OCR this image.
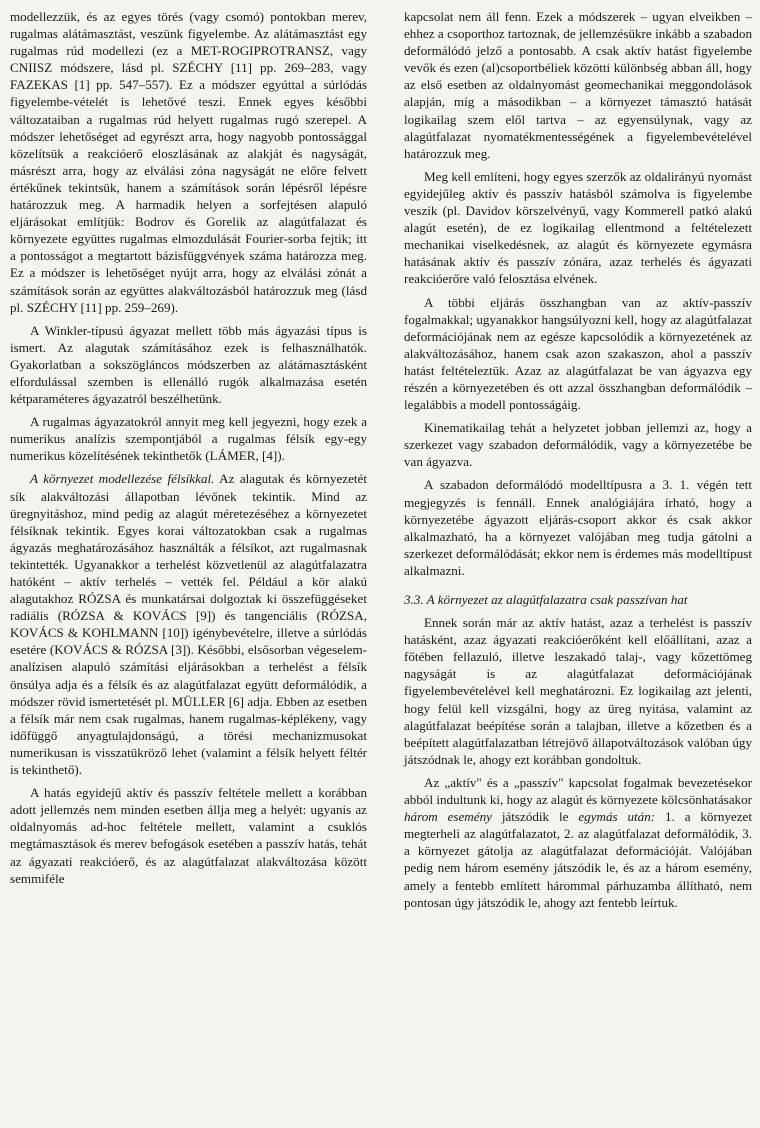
modellezzük, és az egyes törés (vagy csomó) pontokban merev, rugalmas alátámasztást, veszünk figyelembe. Az alátámasztást egy rugalmas rúd modellezi (ez a MET-ROGIPROTRANSZ, vagy CNIISZ módszere, lásd pl. SZÉCHY [11] pp. 269–283, vagy FAZEKAS [1] pp. 547–557). Ez a módszer egyúttal a súrlódás figyelembe-vételét is lehetővé teszi. Ennek egyes későbbi változataiban a rugalmas rúd helyett rugalmas rugó szerepel. A módszer lehetőséget ad egyrészt arra, hogy nagyobb pontossággal közelítsük a reakcióerő eloszlásának az alakját és nagyságát, másrészt arra, hogy az elválási zóna nagyságát ne előre felvett értékűnek tekintsük, hanem a számítások során lépésről lépésre határozzuk meg. A harmadik helyen a sorfejtésen alapuló eljárásokat említjük: Bodrov és Gorelik az alagútfalazat és környezete együttes rugalmas elmozdulását Fourier-sorba fejtik; itt a pontosságot a megtartott bázisfüggvények száma határozza meg. Ez a módszer is lehetőséget nyújt arra, hogy az elválási zónát a számítások során az együttes alakváltozásból határozzuk meg (lásd pl. SZÉCHY [11] pp. 259–269).

A Winkler-típusú ágyazat mellett több más ágyazási típus is ismert. Az alagutak számításához ezek is felhasználhatók. Gyakorlatban a sokszögláncos módszerben az alátámasztásként elfordulással szemben is ellenálló rugók alkalmazása esetén kétparaméteres ágyazatról beszélhetünk.

A rugalmas ágyazatokról annyit meg kell jegyezni, hogy ezek a numerikus analízis szempontjából a rugalmas félsík egy-egy numerikus közelítésének tekinthetők (LÁMER, [4]).

A környezet modellezése félsíkkal. Az alagutak és környezetét sík alakváltozási állapotban lévőnek tekintik. Mind az üregnyitáshoz, mind pedig az alagút méretezéséhez a környezetet félsíknak tekintik. Egyes korai változatokban csak a rugalmas ágyazás meghatározásához használták a félsíkot, azt rugalmasnak tekintették. Ugyanakkor a terhelést közvetlenül az alagútfalazatra hatóként – aktív terhelés – vették fel. Például a kör alakú alagutakhoz RÓZSA és munkatársai dolgoztak ki összefüggéseket radiális (RÓZSA & KOVÁCS [9]) és tangenciális (RÓZSA, KOVÁCS & KOHLMANN [10]) igénybevételre, illetve a súrlódás esetére (KOVÁCS & RÓZSA [3]). Későbbi, elsősorban végeselem-analízisen alapuló számítási eljárásokban a terhelést a félsík önsúlya adja és a félsík és az alagútfalazat együtt deformálódik, a módszer rövid ismertetését pl. MÜLLER [6] adja. Ebben az esetben a félsík már nem csak rugalmas, hanem rugalmas-képlékeny, vagy időfüggő anyagtulajdonságú, a törési mechanizmusokat numerikusan is visszatükröző lehet (valamint a félsík helyett féltér is tekinthető).

A hatás egyidejű aktív és passzív feltétele mellett a korábban adott jellemzés nem minden esetben állja meg a helyét: ugyanis az oldalnyomás ad-hoc feltétele mellett, valamint a csuklós megtámasztások és merev befogások esetében a passzív hatás, tehát az ágyazati reakcióerő, és az alagútfalazat alakváltozása között semmiféle

kapcsolat nem áll fenn. Ezek a módszerek – ugyan elveikben – ehhez a csoporthoz tartoznak, de jellemzésükre inkább a szabadon deformálódó jelző a pontosabb. A csak aktív hatást figyelembe vevők és ezen (al)csoportbéliek közötti különbség abban áll, hogy az első esetben az oldalnyomást geomechanikai meggondolások alapján, míg a másodikban – a környezet támasztó hatását logikailag szem elől tartva – az egyensúlynak, vagy az alagútfalazat nyomatékmentességének a figyelembevételével határozzuk meg.

Meg kell említeni, hogy egyes szerzők az oldalirányú nyomást egyidejűleg aktív és passzív hatásból számolva is figyelembe veszik (pl. Davidov körszelvényű, vagy Kommerell patkó alakú alagút esetén), de ez logikailag ellentmond a feltételezett mechanikai viselkedésnek, az alagút és környezete egymásra hatásának aktív és passzív zónára, azaz terhelés és ágyazati reakcióerőre való felosztása elvének.

A többi eljárás összhangban van az aktív-passzív fogalmakkal; ugyanakkor hangsúlyozni kell, hogy az alagútfalazat deformációjának nem az egésze kapcsolódik a környezetének az alakváltozásához, hanem csak azon szakaszon, ahol a passzív hatást feltételeztük. Azaz az alagútfalazat be van ágyazva egy részén a környezetében és ott azzal összhangban deformálódik – legalábbis a modell pontosságáig.

Kinematikailag tehát a helyzetet jobban jellemzi az, hogy a szerkezet vagy szabadon deformálódik, vagy a környezetébe be van ágyazva.

A szabadon deformálódó modelltípusra a 3. 1. végén tett megjegyzés is fennáll. Ennek analógiájára írható, hogy a környezetébe ágyazott eljárás-csoport akkor és csak akkor alkalmazható, ha a környezet valójában meg tudja gátolni a szerkezet deformálódását; ekkor nem is érdemes más modelltípust alkalmazni.

3.3. A környezet az alagútfalazatra csak passzívan hat

Ennek során már az aktív hatást, azaz a terhelést is passzív hatásként, azaz ágyazati reakcióerőként kell előállítani, azaz a főtében fellazuló, illetve leszakadó talaj-, vagy kőzettömeg nagyságát is az alagútfalazat deformációjának figyelembevételével kell meghatározni. Ez logikailag azt jelenti, hogy felül kell vizsgálni, hogy az üreg nyitása, valamint az alagútfalazat beépítése során a talajban, illetve a kőzetben és a beépített alagútfalazatban létrejövő állapotváltozások valóban úgy játszódnak le, ahogy ezt korábban gondoltuk.

Az „aktív" és a „passzív" kapcsolat fogalmak bevezetésekor abból indultunk ki, hogy az alagút és környezete kölcsönhatásakor három esemény játszódik le egymás után: 1. a környezet megterheli az alagútfalazatot, 2. az alagútfalazat deformálódik, 3. a környezet gátolja az alagútfalazat deformációját. Valójában pedig nem három esemény játszódik le, és az a három esemény, amely a fentebb említett hárommal párhuzamba állítható, nem pontosan úgy játszódik le, ahogy azt fentebb leírtuk.
